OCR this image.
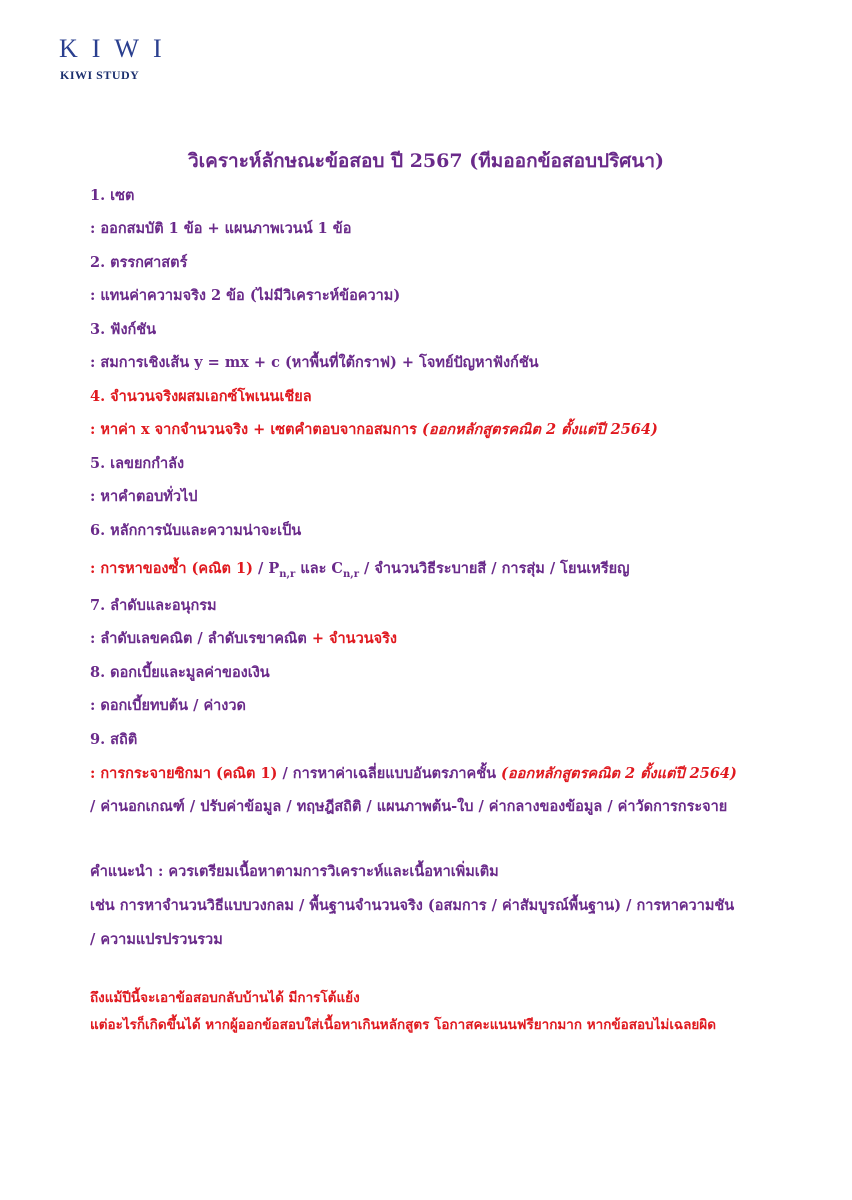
KIWI
KIWI STUDY
วิเคราะห์ลักษณะข้อสอบ ปี 2567 (ทีมออกข้อสอบปริศนา)
1. เซต
: ออกสมบัติ 1 ข้อ + แผนภาพเวนน์ 1 ข้อ
2. ตรรกศาสตร์
: แทนค่าความจริง 2 ข้อ (ไม่มีวิเคราะห์ข้อความ)
3. ฟังก์ชัน
: สมการเชิงเส้น y = mx + c (หาพื้นที่ใต้กราฟ) + โจทย์ปัญหาฟังก์ชัน
4. จำนวนจริงผสมเอกซ์โพเนนเชียล
: หาค่า x จากจำนวนจริง + เซตคำตอบจากอสมการ (ออกหลักสูตรคณิต 2 ตั้งแต่ปี 2564)
5. เลขยกกำลัง
: หาคำตอบทั่วไป
6. หลักการนับและความน่าจะเป็น
: การหาของซ้ำ (คณิต $1) / P_{n,r}$ และ $C_{n,r}$ / จำนวนวิธีระบายสี / การสุ่ม / โยนเหรียญ
7. ลำดับและอนุกรม
: ลำดับเลขคณิต / ลำดับเรขาคณิต + จำนวนจริง
8. ดอกเบี้ยและมูลค่าของเงิน
: ดอกเบี้ยทบต้น / ค่างวด
9. สถิติ
: การกระจายซิกมา (คณิต 1) / การหาค่าเฉลี่ยแบบอันตรภาคชั้น (ออกหลักสูตรคณิต 2 ตั้งแต่ปี 2564)
/ ค่านอกเกณฑ์ / ปรับค่าข้อมูล / ทฤษฎีสถิติ / แผนภาพต้น-ใบ / ค่ากลางของข้อมูล / ค่าวัดการกระจาย
คำแนะนำ : ควรเตรียมเนื้อหาตามการวิเคราะห์และเนื้อหาเพิ่มเติม
เช่น การหาจำนวนวิธีแบบวงกลม / พื้นฐานจำนวนจริง (อสมการ / ค่าสัมบูรณ์พื้นฐาน) / การหาความชัน
/ ความแปรปรวนรวม
ถึงแม้ปีนี้จะเอาข้อสอบกลับบ้านได้ มีการโต้แย้ง
แต่อะไรก็เกิดขึ้นได้ หากผู้ออกข้อสอบใส่เนื้อหาเกินหลักสูตร โอกาสคะแนนฟรียากมาก หากข้อสอบไม่เฉลยผิด
